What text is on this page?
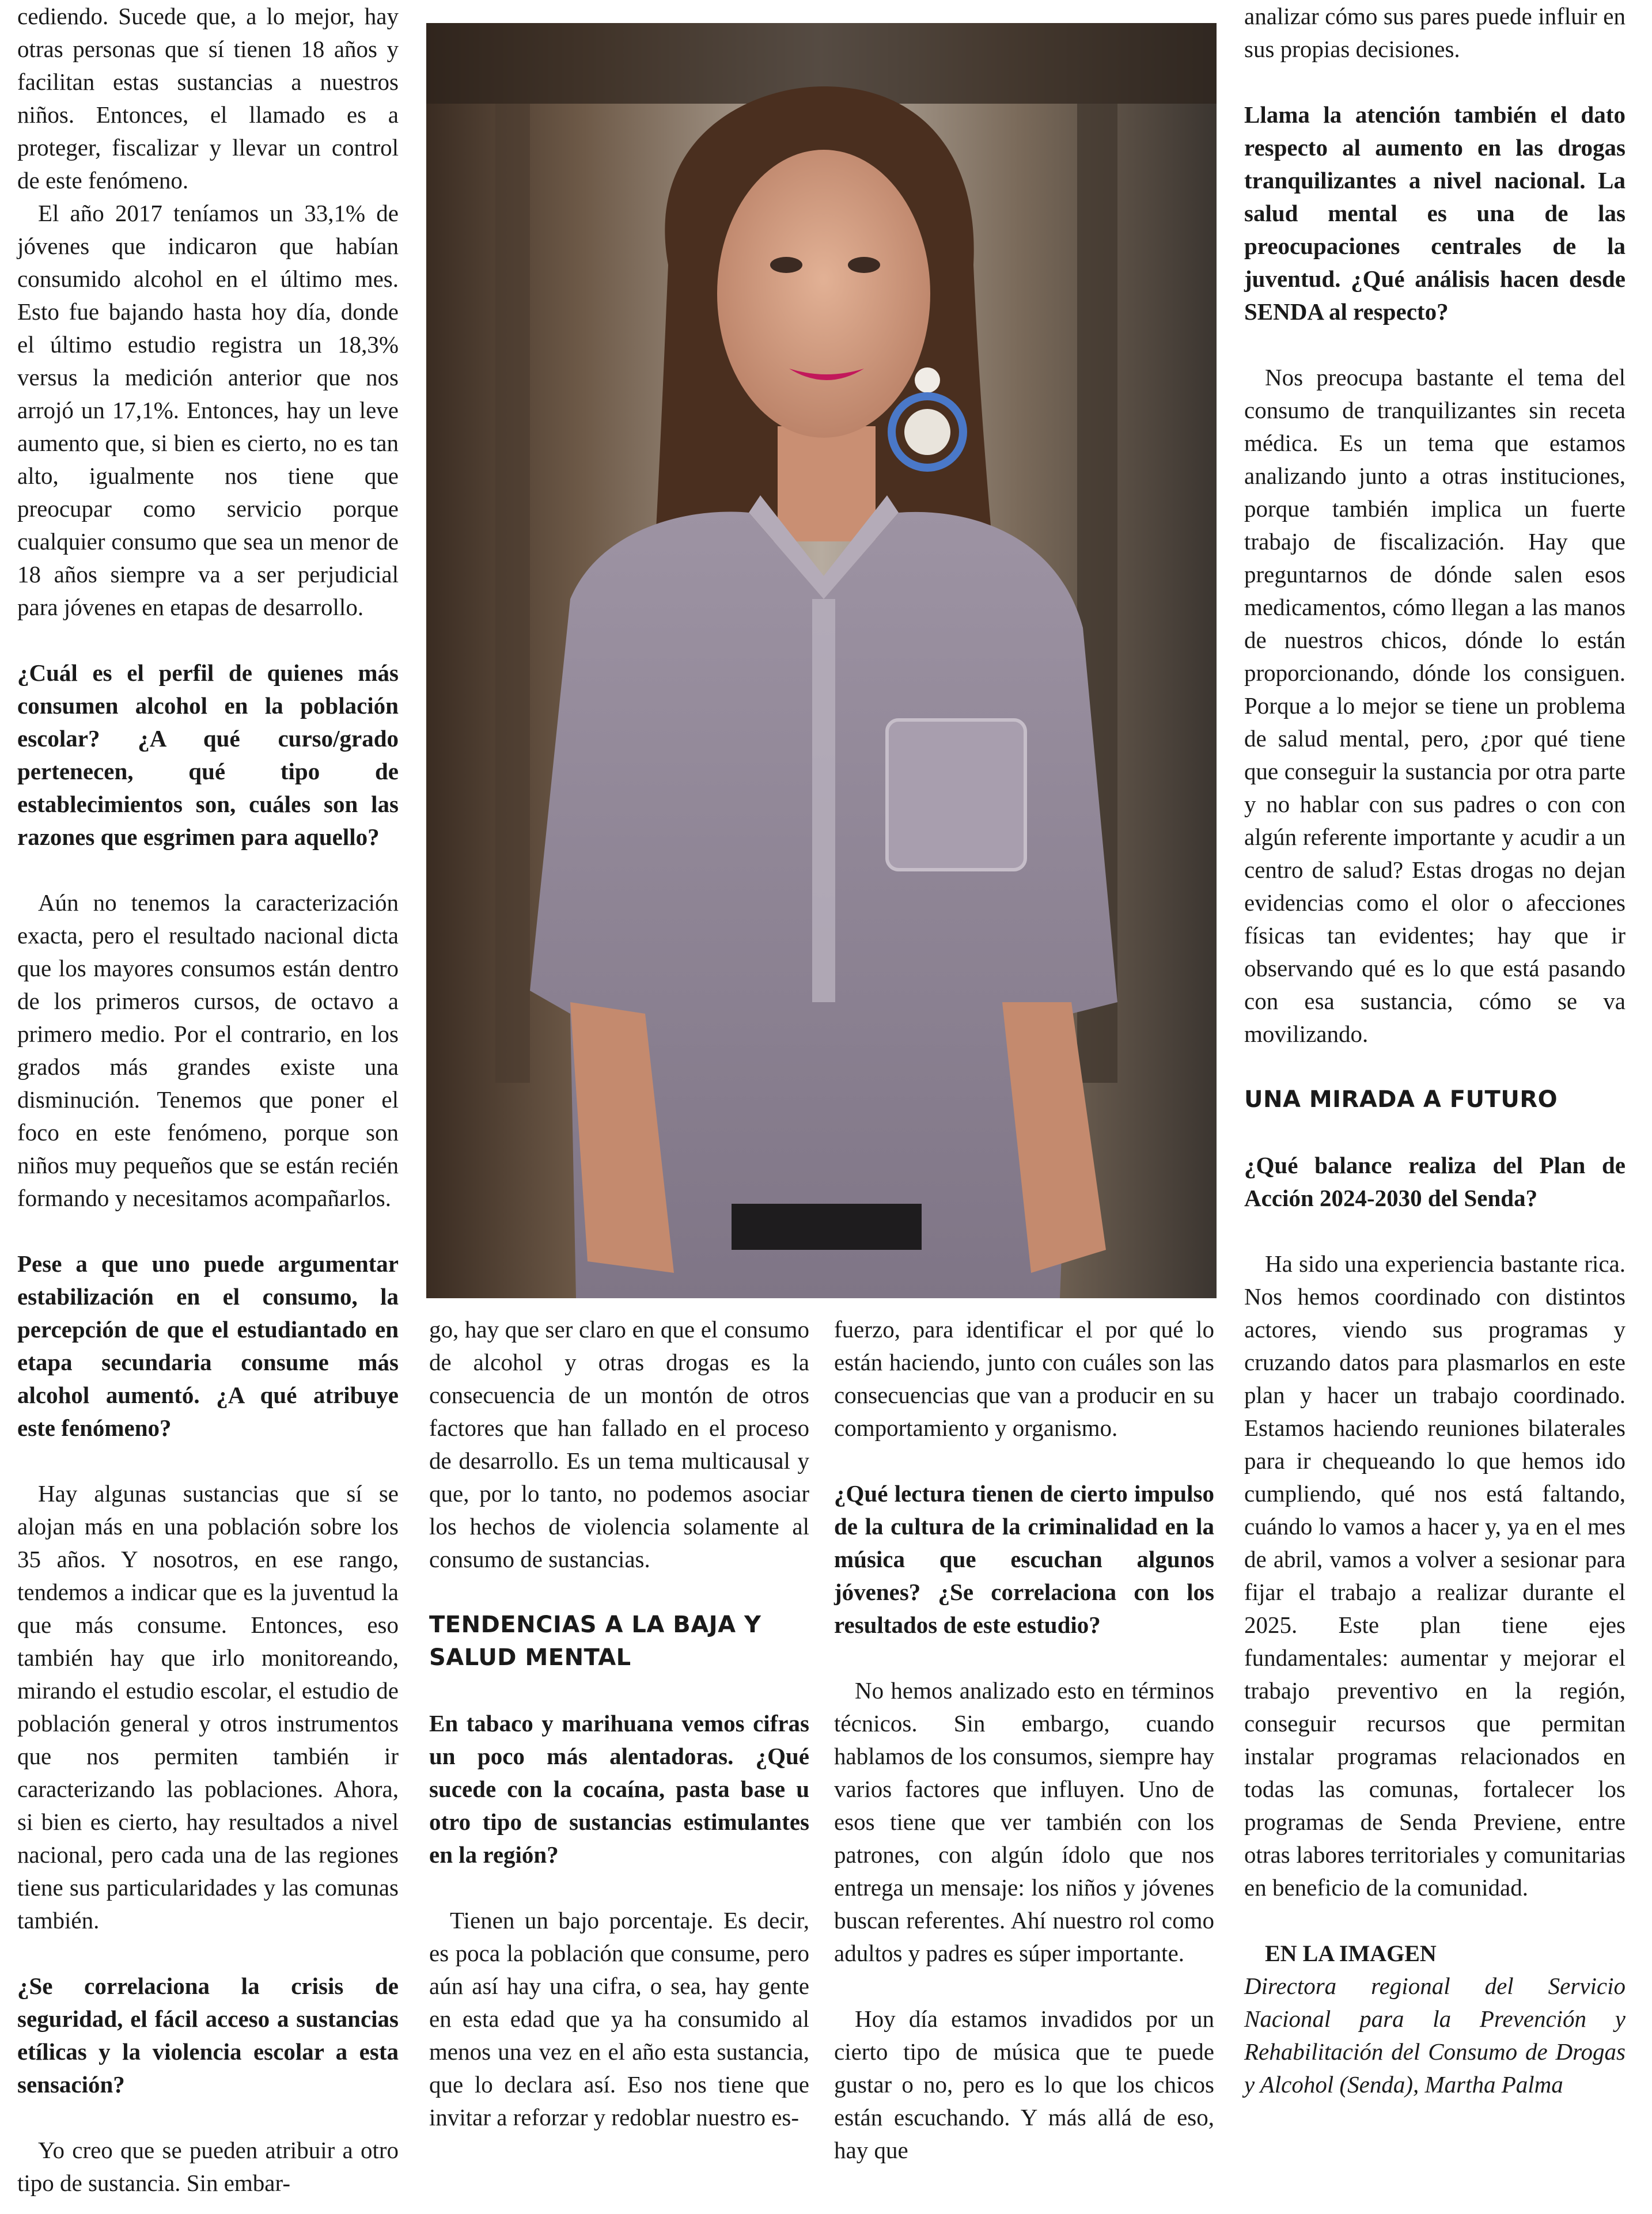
cediendo. Sucede que, a lo mejor, hay otras personas que sí tienen 18 años y facilitan estas sustancias a nuestros niños. Entonces, el llamado es a proteger, fiscalizar y llevar un control de este fenómeno.

El año 2017 teníamos un 33,1% de jóvenes que indicaron que habían consumido alcohol en el último mes. Esto fue bajando hasta hoy día, donde el último estudio registra un 18,3% versus la medición anterior que nos arrojó un 17,1%. Entonces, hay un leve aumento que, si bien es cierto, no es tan alto, igualmente nos tiene que preocupar como servicio porque cualquier consumo que sea un menor de 18 años siempre va a ser perjudicial para jóvenes en etapas de desarrollo.

¿Cuál es el perfil de quienes más consumen alcohol en la población escolar? ¿A qué curso/grado pertenecen, qué tipo de establecimientos son, cuáles son las razones que esgrimen para aquello?

Aún no tenemos la caracterización exacta, pero el resultado nacional dicta que los mayores consumos están dentro de los primeros cursos, de octavo a primero medio. Por el contrario, en los grados más grandes existe una disminución. Tenemos que poner el foco en este fenómeno, porque son niños muy pequeños que se están recién formando y necesitamos acompañarlos.

Pese a que uno puede argumentar estabilización en el consumo, la percepción de que el estudiantado en etapa secundaria consume más alcohol aumentó. ¿A qué atribuye este fenómeno?

Hay algunas sustancias que sí se alojan más en una población sobre los 35 años. Y nosotros, en ese rango, tendemos a indicar que es la juventud la que más consume. Entonces, eso también hay que irlo monitoreando, mirando el estudio escolar, el estudio de población general y otros instrumentos que nos permiten también ir caracterizando las poblaciones. Ahora, si bien es cierto, hay resultados a nivel nacional, pero cada una de las regiones tiene sus particularidades y las comunas también.

¿Se correlaciona la crisis de seguridad, el fácil acceso a sustancias etílicas y la violencia escolar a esta sensación?

Yo creo que se pueden atribuir a otro tipo de sustancia. Sin embar-

go, hay que ser claro en que el consumo de alcohol y otras drogas es la consecuencia de un montón de otros factores que han fallado en el proceso de desarrollo. Es un tema multicausal y que, por lo tanto, no podemos asociar los hechos de violencia solamente al consumo de sustancias.

TENDENCIAS A LA BAJA Y SALUD MENTAL

En tabaco y marihuana vemos cifras un poco más alentadoras. ¿Qué sucede con la cocaína, pasta base u otro tipo de sustancias estimulantes en la región?

Tienen un bajo porcentaje. Es decir, es poca la población que consume, pero aún así hay una cifra, o sea, hay gente en esta edad que ya ha consumido al menos una vez en el año esta sustancia, que lo declara así. Eso nos tiene que invitar a reforzar y redoblar nuestro es-

fuerzo, para identificar el por qué lo están haciendo, junto con cuáles son las consecuencias que van a producir en su comportamiento y organismo.

¿Qué lectura tienen de cierto impulso de la cultura de la criminalidad en la música que escuchan algunos jóvenes? ¿Se correlaciona con los resultados de este estudio?

No hemos analizado esto en términos técnicos. Sin embargo, cuando hablamos de los consumos, siempre hay varios factores que influyen. Uno de esos tiene que ver también con los patrones, con algún ídolo que nos entrega un mensaje: los niños y jóvenes buscan referentes. Ahí nuestro rol como adultos y padres es súper importante.

Hoy día estamos invadidos por un cierto tipo de música que te puede gustar o no, pero es lo que los chicos están escuchando. Y más allá de eso, hay que

analizar cómo sus pares puede influir en sus propias decisiones.

Llama la atención también el dato respecto al aumento en las drogas tranquilizantes a nivel nacional. La salud mental es una de las preocupaciones centrales de la juventud. ¿Qué análisis hacen desde SENDA al respecto?

Nos preocupa bastante el tema del consumo de tranquilizantes sin receta médica. Es un tema que estamos analizando junto a otras instituciones, porque también implica un fuerte trabajo de fiscalización. Hay que preguntarnos de dónde salen esos medicamentos, cómo llegan a las manos de nuestros chicos, dónde lo están proporcionando, dónde los consiguen. Porque a lo mejor se tiene un problema de salud mental, pero, ¿por qué tiene que conseguir la sustancia por otra parte y no hablar con sus padres o con con algún referente importante y acudir a un centro de salud? Estas drogas no dejan evidencias como el olor o afecciones físicas tan evidentes; hay que ir observando qué es lo que está pasando con esa sustancia, cómo se va movilizando.

UNA MIRADA A FUTURO

¿Qué balance realiza del Plan de Acción 2024-2030 del Senda?

Ha sido una experiencia bastante rica. Nos hemos coordinado con distintos actores, viendo sus programas y cruzando datos para plasmarlos en este plan y hacer un trabajo coordinado. Estamos haciendo reuniones bilaterales para ir chequeando lo que hemos ido cumpliendo, qué nos está faltando, cuándo lo vamos a hacer y, ya en el mes de abril, vamos a volver a sesionar para fijar el trabajo a realizar durante el 2025. Este plan tiene ejes fundamentales: aumentar y mejorar el trabajo preventivo en la región, conseguir recursos que permitan instalar programas relacionados en todas las comunas, fortalecer los programas de Senda Previene, entre otras labores territoriales y comunitarias en beneficio de la comunidad.

EN LA IMAGEN

Directora regional del Servicio Nacional para la Prevención y Rehabilitación del Consumo de Drogas y Alcohol (Senda), Martha Palma
